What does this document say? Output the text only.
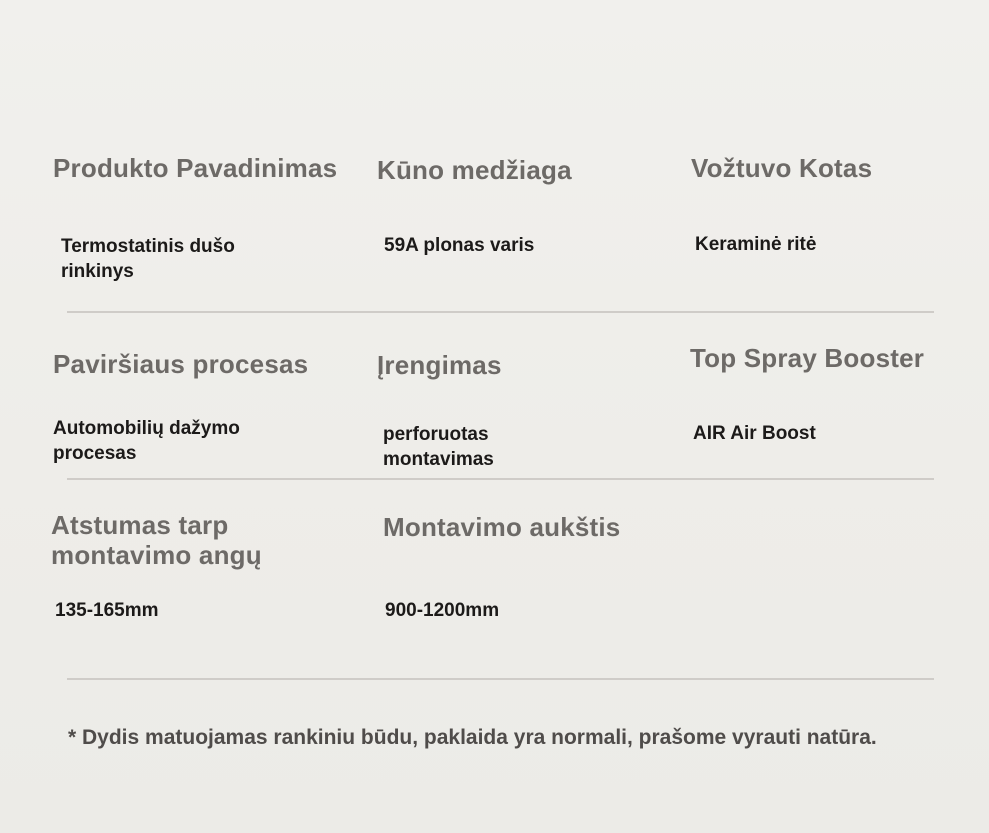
Produkto Pavadinimas
Termostatinis dušo rinkinys
Kūno medžiaga
59A plonas varis
Vožtuvo Kotas
Keraminė ritė
Paviršiaus procesas
Automobilių dažymo procesas
Įrengimas
perforuotas montavimas
Top Spray Booster
AIR Air Boost
Atstumas tarp montavimo angų
135-165mm
Montavimo aukštis
900-1200mm
* Dydis matuojamas rankiniu būdu, paklaida yra normali, prašome vyrauti natūra.
